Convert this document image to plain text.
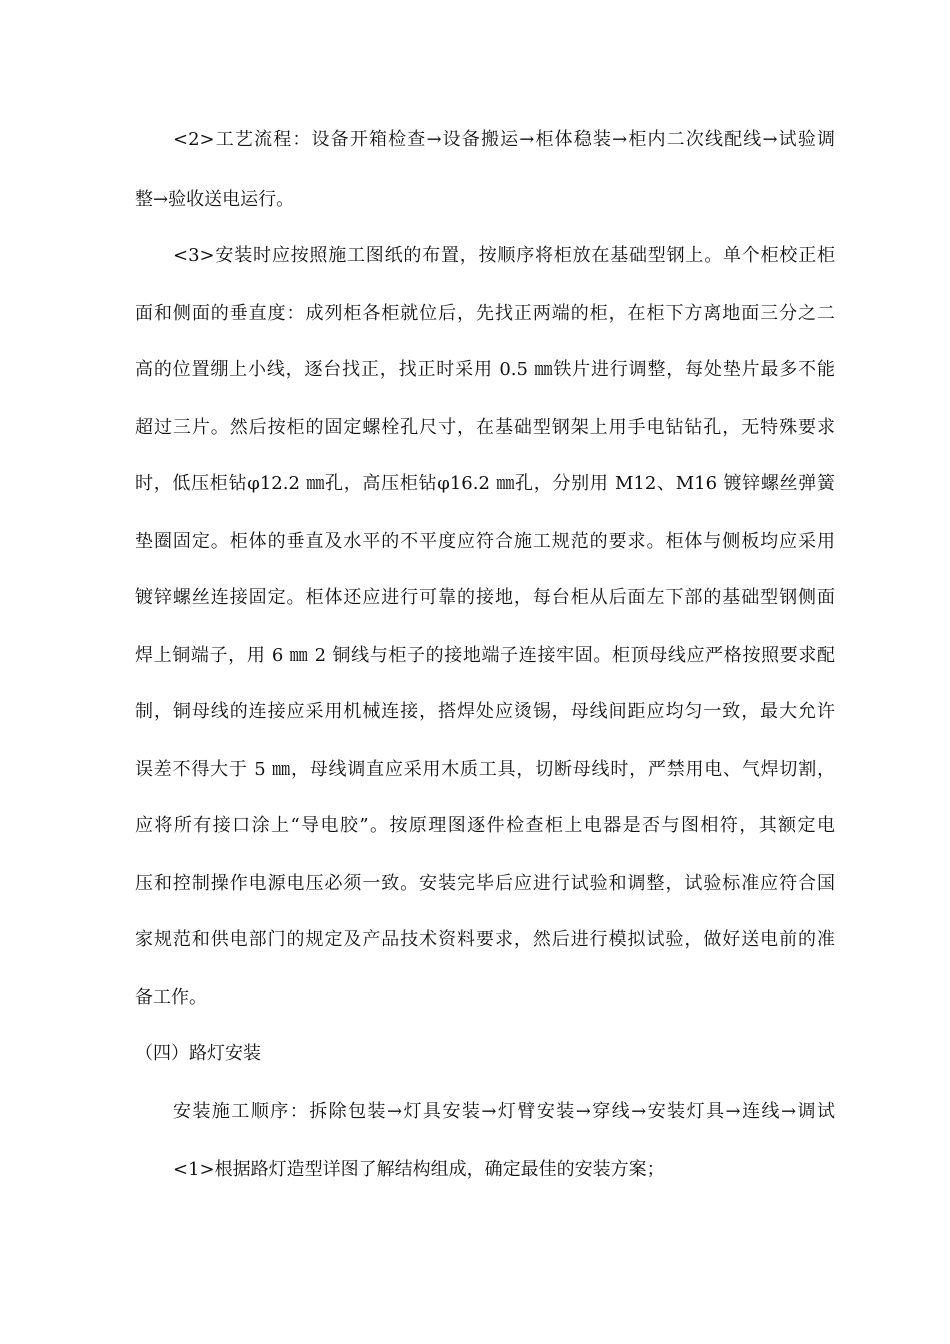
<2>工艺流程：设备开箱检查→设备搬运→柜体稳装→柜内二次线配线→试验调
整→验收送电运行。
<3>安装时应按照施工图纸的布置，按顺序将柜放在基础型钢上。单个柜校正柜
面和侧面的垂直度：成列柜各柜就位后，先找正两端的柜，在柜下方离地面三分之二
高的位置绷上小线，逐台找正，找正时采用 0.5 ㎜铁片进行调整，每处垫片最多不能
超过三片。然后按柜的固定螺栓孔尺寸，在基础型钢架上用手电钻钻孔，无特殊要求
时，低压柜钻φ12.2 ㎜孔，高压柜钻φ16.2 ㎜孔，分别用 M12、M16 镀锌螺丝弹簧
垫圈固定。柜体的垂直及水平的不平度应符合施工规范的要求。柜体与侧板均应采用
镀锌螺丝连接固定。柜体还应进行可靠的接地，每台柜从后面左下部的基础型钢侧面
焊上铜端子，用 6 ㎜ 2 铜线与柜子的接地端子连接牢固。柜顶母线应严格按照要求配
制，铜母线的连接应采用机械连接，搭焊处应烫锡，母线间距应均匀一致，最大允许
误差不得大于 5 ㎜，母线调直应采用木质工具，切断母线时，严禁用电、气焊切割，
应将所有接口涂上“导电胶”。按原理图逐件检查柜上电器是否与图相符，其额定电
压和控制操作电源电压必须一致。安装完毕后应进行试验和调整，试验标准应符合国
家规范和供电部门的规定及产品技术资料要求，然后进行模拟试验，做好送电前的准
备工作。
（四）路灯安装
安装施工顺序：拆除包装→灯具安装→灯臂安装→穿线→安装灯具→连线→调试
<1>根据路灯造型详图了解结构组成，确定最佳的安装方案；
